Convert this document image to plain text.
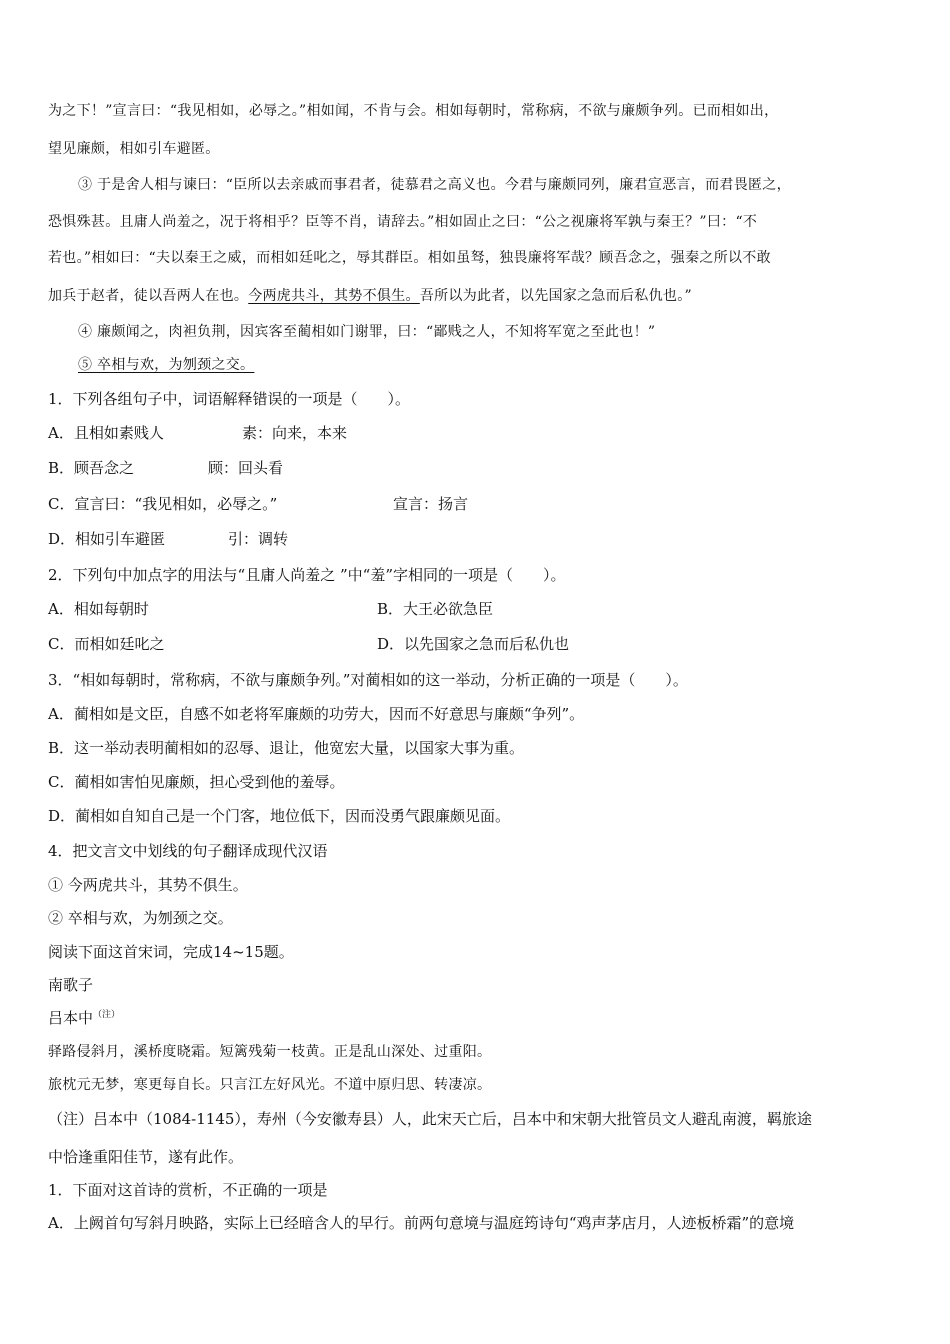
为之下！”宣言曰：“我见相如，必辱之。”相如闻，不肯与会。相如每朝时，常称病，不欲与廉颇争列。已而相如出，
望见廉颇，相如引车避匿。
③ 于是舍人相与谏曰：“臣所以去亲戚而事君者，徒慕君之高义也。今君与廉颇同列，廉君宣恶言，而君畏匿之，
恐惧殊甚。且庸人尚羞之，况于将相乎？臣等不肖，请辞去。”相如固止之曰：“公之视廉将军孰与秦王？”曰：“不
若也。”相如曰：“夫以秦王之威，而相如廷叱之，辱其群臣。相如虽驽，独畏廉将军哉？顾吾念之，强秦之所以不敢
加兵于赵者，徒以吾两人在也。今两虎共斗，其势不俱生。吾所以为此者，以先国家之急而后私仇也。”
④ 廉颇闻之，肉袒负荆，因宾客至蔺相如门谢罪，曰：“鄙贱之人，不知将军宽之至此也！”
⑤ 卒相与欢，为刎颈之交。
1．下列各组句子中，词语解释错误的一项是（　　）。
A．且相如素贱人	素：向来，本来
B．顾吾念之	顾：回头看
C．宣言曰：“我见相如，必辱之。”	宣言：扬言
D．相如引车避匿	引：调转
2．下列句中加点字的用法与“且庸人尚羞之 ”中“羞”字相同的一项是（　　）。
A．相如每朝时	B．大王必欲急臣
C．而相如廷叱之	D．以先国家之急而后私仇也
3．“相如每朝时，常称病，不欲与廉颇争列。”对蔺相如的这一举动，分析正确的一项是（　　）。
A．蔺相如是文臣，自感不如老将军廉颇的功劳大，因而不好意思与廉颇“争列”。
B．这一举动表明蔺相如的忍辱、退让，他宽宏大量，以国家大事为重。
C．蔺相如害怕见廉颇，担心受到他的羞辱。
D．蔺相如自知自己是一个门客，地位低下，因而没勇气跟廉颇见面。
4．把文言文中划线的句子翻译成现代汉语
① 今两虎共斗，其势不俱生。
② 卒相与欢，为刎颈之交。
阅读下面这首宋词，完成14~15题。
南歌子
吕本中$^{(注)}$
驿路侵斜月，溪桥度晓霜。短篱残菊一枝黄。正是乱山深处、过重阳。
旅枕元无梦，寒更每自长。只言江左好风光。不道中原归思、转凄凉。
（注）吕本中（1084-1145），寿州（今安徽寿县）人，此宋天亡后，吕本中和宋朝大批管员文人避乱南渡，羁旅途
中恰逢重阳佳节，遂有此作。
1．下面对这首诗的赏析，不正确的一项是
A．上阙首句写斜月映路，实际上已经暗含人的早行。前两句意境与温庭筠诗句“鸡声茅店月，人迹板桥霜”的意境
